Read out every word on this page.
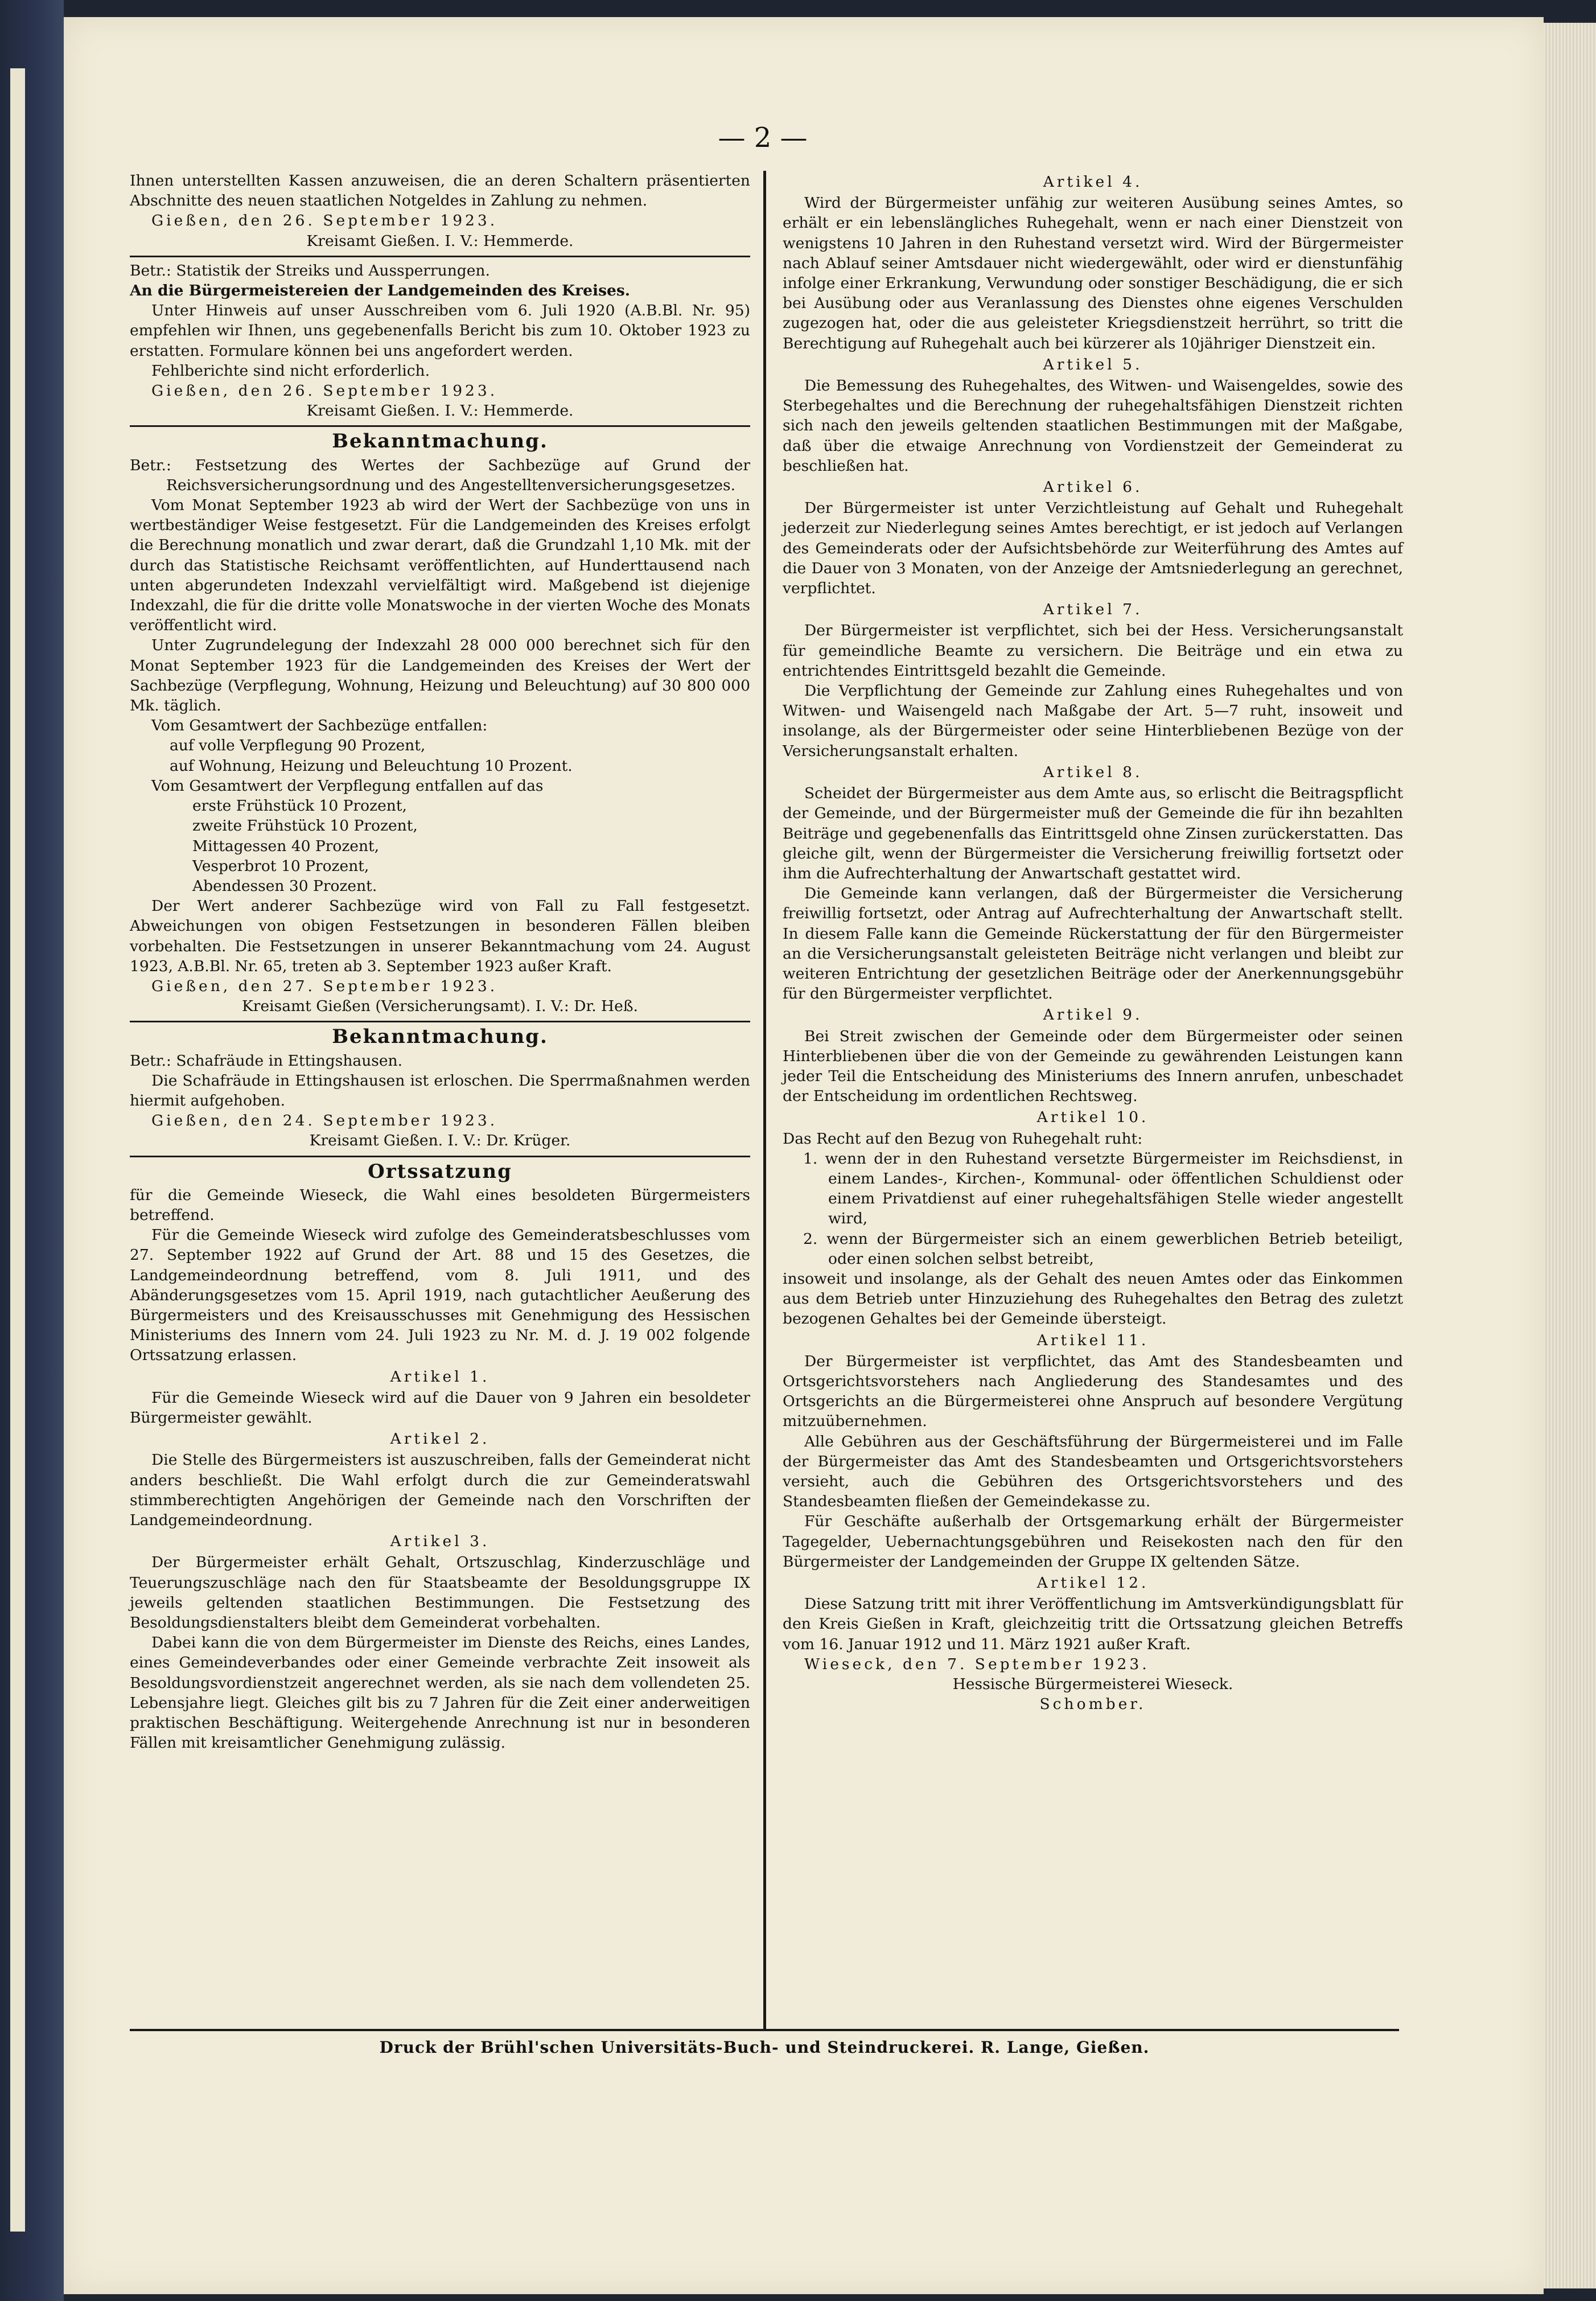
— 2 —

Ihnen unterstellten Kassen anzuweisen, die an deren Schaltern präsentierten Abschnitte des neuen staatlichen Notgeldes in Zahlung zu nehmen.

Gießen, den 26. September 1923.

Kreisamt Gießen. I. V.: Hemmerde.

Betr.: Statistik der Streiks und Aussperrungen.

An die Bürgermeistereien der Landgemeinden des Kreises.

Unter Hinweis auf unser Ausschreiben vom 6. Juli 1920 (A.B.Bl. Nr. 95) empfehlen wir Ihnen, uns gegebenenfalls Bericht bis zum 10. Oktober 1923 zu erstatten. Formulare können bei uns angefordert werden.

Fehlberichte sind nicht erforderlich.

Gießen, den 26. September 1923.

Kreisamt Gießen. I. V.: Hemmerde.

Bekanntmachung.

Betr.: Festsetzung des Wertes der Sachbezüge auf Grund der Reichsversicherungsordnung und des Angestelltenversicherungsgesetzes.

Vom Monat September 1923 ab wird der Wert der Sachbezüge von uns in wertbeständiger Weise festgesetzt. Für die Landgemeinden des Kreises erfolgt die Berechnung monatlich und zwar derart, daß die Grundzahl 1,10 Mk. mit der durch das Statistische Reichsamt veröffentlichten, auf Hunderttausend nach unten abgerundeten Indexzahl vervielfältigt wird. Maßgebend ist diejenige Indexzahl, die für die dritte volle Monatswoche in der vierten Woche des Monats veröffentlicht wird.

Unter Zugrundelegung der Indexzahl 28 000 000 berechnet sich für den Monat September 1923 für die Landgemeinden des Kreises der Wert der Sachbezüge (Verpflegung, Wohnung, Heizung und Beleuchtung) auf 30 800 000 Mk. täglich.

Vom Gesamtwert der Sachbezüge entfallen:

auf volle Verpflegung 90 Prozent,

auf Wohnung, Heizung und Beleuchtung 10 Prozent.

Vom Gesamtwert der Verpflegung entfallen auf das

erste Frühstück 10 Prozent,

zweite Frühstück 10 Prozent,

Mittagessen 40 Prozent,

Vesperbrot 10 Prozent,

Abendessen 30 Prozent.

Der Wert anderer Sachbezüge wird von Fall zu Fall festgesetzt. Abweichungen von obigen Festsetzungen in besonderen Fällen bleiben vorbehalten. Die Festsetzungen in unserer Bekanntmachung vom 24. August 1923, A.B.Bl. Nr. 65, treten ab 3. September 1923 außer Kraft.

Gießen, den 27. September 1923.

Kreisamt Gießen (Versicherungsamt). I. V.: Dr. Heß.

Bekanntmachung.

Betr.: Schafräude in Ettingshausen.

Die Schafräude in Ettingshausen ist erloschen. Die Sperrmaßnahmen werden hiermit aufgehoben.

Gießen, den 24. September 1923.

Kreisamt Gießen. I. V.: Dr. Krüger.

Ortssatzung

für die Gemeinde Wieseck, die Wahl eines besoldeten Bürgermeisters betreffend.

Für die Gemeinde Wieseck wird zufolge des Gemeinderatsbeschlusses vom 27. September 1922 auf Grund der Art. 88 und 15 des Gesetzes, die Landgemeindeordnung betreffend, vom 8. Juli 1911, und des Abänderungsgesetzes vom 15. April 1919, nach gutachtlicher Aeußerung des Bürgermeisters und des Kreisausschusses mit Genehmigung des Hessischen Ministeriums des Innern vom 24. Juli 1923 zu Nr. M. d. J. 19 002 folgende Ortssatzung erlassen.

Artikel 1.

Für die Gemeinde Wieseck wird auf die Dauer von 9 Jahren ein besoldeter Bürgermeister gewählt.

Artikel 2.

Die Stelle des Bürgermeisters ist auszuschreiben, falls der Gemeinderat nicht anders beschließt. Die Wahl erfolgt durch die zur Gemeinderatswahl stimmberechtigten Angehörigen der Gemeinde nach den Vorschriften der Landgemeindeordnung.

Artikel 3.

Der Bürgermeister erhält Gehalt, Ortszuschlag, Kinderzuschläge und Teuerungszuschläge nach den für Staatsbeamte der Besoldungsgruppe IX jeweils geltenden staatlichen Bestimmungen. Die Festsetzung des Besoldungsdienstalters bleibt dem Gemeinderat vorbehalten.

Dabei kann die von dem Bürgermeister im Dienste des Reichs, eines Landes, eines Gemeindeverbandes oder einer Gemeinde verbrachte Zeit insoweit als Besoldungsvordienstzeit angerechnet werden, als sie nach dem vollendeten 25. Lebensjahre liegt. Gleiches gilt bis zu 7 Jahren für die Zeit einer anderweitigen praktischen Beschäftigung. Weitergehende Anrechnung ist nur in besonderen Fällen mit kreisamtlicher Genehmigung zulässig.

Artikel 4.

Wird der Bürgermeister unfähig zur weiteren Ausübung seines Amtes, so erhält er ein lebenslängliches Ruhegehalt, wenn er nach einer Dienstzeit von wenigstens 10 Jahren in den Ruhestand versetzt wird. Wird der Bürgermeister nach Ablauf seiner Amtsdauer nicht wiedergewählt, oder wird er dienstunfähig infolge einer Erkrankung, Verwundung oder sonstiger Beschädigung, die er sich bei Ausübung oder aus Veranlassung des Dienstes ohne eigenes Verschulden zugezogen hat, oder die aus geleisteter Kriegsdienstzeit herrührt, so tritt die Berechtigung auf Ruhegehalt auch bei kürzerer als 10jähriger Dienstzeit ein.

Artikel 5.

Die Bemessung des Ruhegehaltes, des Witwen- und Waisengeldes, sowie des Sterbegehaltes und die Berechnung der ruhegehaltsfähigen Dienstzeit richten sich nach den jeweils geltenden staatlichen Bestimmungen mit der Maßgabe, daß über die etwaige Anrechnung von Vordienstzeit der Gemeinderat zu beschließen hat.

Artikel 6.

Der Bürgermeister ist unter Verzichtleistung auf Gehalt und Ruhegehalt jederzeit zur Niederlegung seines Amtes berechtigt, er ist jedoch auf Verlangen des Gemeinderats oder der Aufsichtsbehörde zur Weiterführung des Amtes auf die Dauer von 3 Monaten, von der Anzeige der Amtsniederlegung an gerechnet, verpflichtet.

Artikel 7.

Der Bürgermeister ist verpflichtet, sich bei der Hess. Versicherungsanstalt für gemeindliche Beamte zu versichern. Die Beiträge und ein etwa zu entrichtendes Eintrittsgeld bezahlt die Gemeinde.

Die Verpflichtung der Gemeinde zur Zahlung eines Ruhegehaltes und von Witwen- und Waisengeld nach Maßgabe der Art. 5—7 ruht, insoweit und insolange, als der Bürgermeister oder seine Hinterbliebenen Bezüge von der Versicherungsanstalt erhalten.

Artikel 8.

Scheidet der Bürgermeister aus dem Amte aus, so erlischt die Beitragspflicht der Gemeinde, und der Bürgermeister muß der Gemeinde die für ihn bezahlten Beiträge und gegebenenfalls das Eintrittsgeld ohne Zinsen zurückerstatten. Das gleiche gilt, wenn der Bürgermeister die Versicherung freiwillig fortsetzt oder ihm die Aufrechterhaltung der Anwartschaft gestattet wird.

Die Gemeinde kann verlangen, daß der Bürgermeister die Versicherung freiwillig fortsetzt, oder Antrag auf Aufrechterhaltung der Anwartschaft stellt. In diesem Falle kann die Gemeinde Rückerstattung der für den Bürgermeister an die Versicherungsanstalt geleisteten Beiträge nicht verlangen und bleibt zur weiteren Entrichtung der gesetzlichen Beiträge oder der Anerkennungsgebühr für den Bürgermeister verpflichtet.

Artikel 9.

Bei Streit zwischen der Gemeinde oder dem Bürgermeister oder seinen Hinterbliebenen über die von der Gemeinde zu gewährenden Leistungen kann jeder Teil die Entscheidung des Ministeriums des Innern anrufen, unbeschadet der Entscheidung im ordentlichen Rechtsweg.

Artikel 10.

Das Recht auf den Bezug von Ruhegehalt ruht:

1. wenn der in den Ruhestand versetzte Bürgermeister im Reichsdienst, in einem Landes-, Kirchen-, Kommunal- oder öffentlichen Schuldienst oder einem Privatdienst auf einer ruhegehaltsfähigen Stelle wieder angestellt wird,

2. wenn der Bürgermeister sich an einem gewerblichen Betrieb beteiligt, oder einen solchen selbst betreibt,

insoweit und insolange, als der Gehalt des neuen Amtes oder das Einkommen aus dem Betrieb unter Hinzuziehung des Ruhegehaltes den Betrag des zuletzt bezogenen Gehaltes bei der Gemeinde übersteigt.

Artikel 11.

Der Bürgermeister ist verpflichtet, das Amt des Standesbeamten und Ortsgerichtsvorstehers nach Angliederung des Standesamtes und des Ortsgerichts an die Bürgermeisterei ohne Anspruch auf besondere Vergütung mitzuübernehmen.

Alle Gebühren aus der Geschäftsführung der Bürgermeisterei und im Falle der Bürgermeister das Amt des Standesbeamten und Ortsgerichtsvorstehers versieht, auch die Gebühren des Ortsgerichtsvorstehers und des Standesbeamten fließen der Gemeindekasse zu.

Für Geschäfte außerhalb der Ortsgemarkung erhält der Bürgermeister Tagegelder, Uebernachtungsgebühren und Reisekosten nach den für den Bürgermeister der Landgemeinden der Gruppe IX geltenden Sätze.

Artikel 12.

Diese Satzung tritt mit ihrer Veröffentlichung im Amtsverkündigungsblatt für den Kreis Gießen in Kraft, gleichzeitig tritt die Ortssatzung gleichen Betreffs vom 16. Januar 1912 und 11. März 1921 außer Kraft.

Wieseck, den 7. September 1923.

Hessische Bürgermeisterei Wieseck.

Schomber.

Druck der Brühl'schen Universitäts-Buch- und Steindruckerei. R. Lange, Gießen.
